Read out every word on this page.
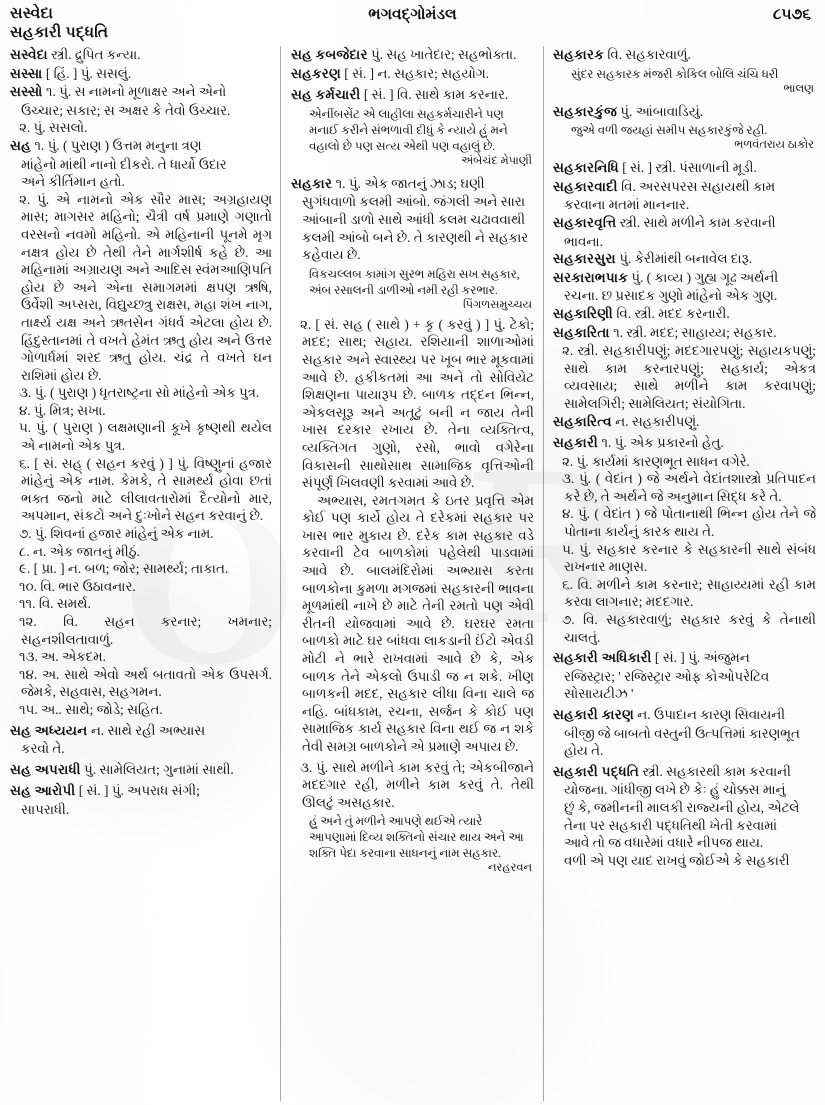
સસ્વેદા
સહકારી પદ્ધતિ
ભગવદ્ગોમંડલ	૮૫૭૬
સસ્વેદા સ્ત્રી. દ્રુપિત કન્યા.
સસ્સા [ હિં. ] પું. સસલું.
સસ્સો ૧. પું. સ નામનો મૂળાક્ષર અને એનો
ઉચ્ચાર; સકાર; સ અક્ષર કે તેવો ઉચ્ચાર.
૨. પું. સસલો.
સહ ૧. પું. ( પુરાણ ) ઉત્તમ મનુના ત્રણ
માંહેનો માંથી નાનો દીકરો. તે ધાર્યો ઉદાર
અને કીર્તિમાન હતો.
૨. પું. એ નામનો એક સૌર માસ; અગ્રહાયણ માસ; માગસર મહિનો; ચૈત્રી વર્ષ પ્રમાણે ગણાતો વરસનો નવમો મહિનો. એ મહિનાની પૂનમે મૃગ નક્ષત્ર હોય છે તેથી તેને માર્ગશીર્ષ કહે છે. આ મહિનામાં અગ્રાયણ અને આદિસ સ્વંમઆ‌ણિપતિ હોય છે અને એના સમાગમમાં ક્ષપણ ઋષિ, ઉર્વેશી અપ્સરા, વિદ્યુચ્છત્રુ રાક્ષસ, મહા શંખ નાગ, તાર્ક્ષ્ય યક્ષ અને ઋતસેન ગંધર્વ એટલા હોય છે. હિંદુસ્તાનમાં તે વખતે હેમંત ઋતુ હોય અને ઉત્તર ગોળાર્ધમાં શરદ ઋતુ હોય. ચંદ્ર તે વખતે ઘન રાશિમાં હોય છે.
૩. પું. ( પુરાણ ) ધૃતરાષ્ટ્રના સો માંહેનો એક પુત્ર.
૪. પું. મિત્ર; સખા.
૫. પું. ( પુરાણ ) લક્ષમણાની કૂખે કૃષ્ણથી થયેલ એ નામનો એક પુત્ર.
૬. [ સં. સહ્ ( સહન કરવું ) ] પું. વિષ્ણુનાં હજાર માંહેનું એક નામ. કેમકે, તે સામર્થ્ય હોવા છતાં ભક્ત જનો માટે લીલાવતારોમાં દૈત્યોનો માર, અપમાન, સંકટો અને દુઃખોને સહન કરવાનું છે.
૭. પું. શિવનાં હજાર માંહેનું એક નામ.
૮. ન. એક જાતનું મીઠું.
૯. [ પ્રા. ] ન. બળ; જોર; સામર્થ્ય; તાકાત.
૧૦. વિ. ભાર ઉઠાવનાર.
૧૧. વિ. સમર્થ.
૧૨. વિ. સહન કરનાર; ખમનાર; સહનશીલતાવાળું.
૧૩. અ. એકદમ.
૧૪. અ. સાથે એવો અર્થ બતાવતો એક ઉપસર્ગ. જેમકે, સહવાસ, સહગમન.
૧૫. અ.. સાથે; જોડે; સહિત.
સહ અધ્યયન ન. સાથે રહી અભ્યાસ
કરવો તે.
સહ અપરાધી પું. સામેલિયત; ગુનામાં સાથી.
સહ આરોપી [ સં. ] પું. અપરાધ સંગી;
સાપરાધી.
સહ કબજેદાર પું. સહ ખાતેદાર; સહભોક્તા.
સહકરણ [ સં. ] ન. સહકાર; સહયોગ.
સહ કર્મચારી [ સં. ] વિ. સાથે કામ કરનાર.
એનીંબસેંટ એ લાહીલા સહકર્મચારીને પણ
મનાઈ કરીને સંભળાવી દીધું કે ન્યાયે હું મને
વહાલો છે પણ સત્ય એથી પણ વહાલું છે.
અંબેચંદ મેપાણી
સહકાર ૧. પું. એક જાતનું ઝાડ; ઘણી
સુગંધવાળો કલમી આંબો. જંગલી અને સારા
આંબાની ડાળો સાથે આંધી કલમ ચઢાવવાથી
કલમી આંબો બને છે. તે કારણથી ને સહકાર
કહેવાય છે.
વિકચલ્લબ કામાંગ સુરભ મહિરા સખ સહકાર,
અંબ રસાલની ડાળીઓ નમી રહી કરભાર.
પિંગળસમુચ્ચય
૨. [ સં. સહ ( સાથે ) + કૃ ( કરવું ) ] પું. ટેકો; મદદ; સાથ; સહાય. રશિયાની શાળાઓમાં સહકાર અને સ્વાસ્થ્ય પર ખૂબ ભાર મૂકવામાં આવે છે. હકીકતમાં આ અને તો સોવિયેટ શિક્ષણના પાયારૂપ છે. બાળક તદ્દન ભિન્ન, એકલસૂરૂ અને અતૂટું બની ન જાય તેની ખાસ દરકાર રખાય છે. તેના વ્યક્તિત્વ, વ્યક્તિગત ગુણો, રસો, ભાવો વગેરેના વિકાસની સાથોસાથ સામાજિક વૃત્તિઓની સંપૂર્ણ ખિલવણી કરવામાં આવે છે.
અભ્યાસ, રમતગમત કે ઇતર પ્રવૃત્તિ એમ કોઈ પણ કાર્યે હોય તે દરેકમાં સહકાર પર ખાસ ભાર મુકાય છે. દરેક કામ સહકાર વડે કરવાની ટેવ બાળકોમાં પહેલેથી પાડવામાં આવે છે. બાલમંદિરોમાં અભ્યાસ કરતા બાળકોના કુમળા મગજમાં સહકારની ભાવના મૂળમાંથી નાખે છે માટે તેની રમતો પણ એવી રીતની યોજવામાં આવે છે. ઘરઘર રમતા બાળકો માટે ઘર બાંધવા લાકડાની ઈંટો એવડી મોટી ને ભારે રાખવામાં આવે છે કે, એક બાળક તેને એકલો ઉપાડી જ ન શકે. ખીણ બાળકની મદદ, સહકાર લીધા વિના ચાલે જ નહિ. બાંધકામ, રચના, સર્જન કે કોઈ પણ સામાજિક કાર્ય સહકાર વિના થઈ જ ન શકે તેવી સમગ્ર બાળકોને એ પ્રમાણે અપાય છે.
૩. પું. સાથે મળીને કામ કરવું તે; એકબીજાને મદદગાર રહી, મળીને કામ કરવું તે. તેથી ઊલટું અસહકાર.
હું અને તું મળીને આપણે થઈએ ત્યારે
આપણામાં દિવ્ય શક્તિનો સંચાર થાય અને આ
શક્તિ પેદા કરવાના સાધનનું નામ સહકાર.
નરહરવન
સહકારક વિ. સહકારવાળું.
સુંદર સહકારક મંજરી કોકિલ બોલિ ચંચિ ધરી
ભાલણ
સહકારકુંજ પું. આંબાવાડિયું.
જુએ વળી જયહાં સમીપ સહકારકુંજે રહી.
ભળવંતરાય ઠાકોર
સહકારનિધિ [ સં. ] સ્ત્રી. પંસાળાની મૂડી.
સહકારવાદી વિ. અરસપરસ સહાયથી કામ
કરવાના મતમાં માનનાર.
સહકારવૃત્તિ સ્ત્રી. સાથે મળીને કામ કરવાની
ભાવના.
સહકારસુરા પું. કેરીમાંથી બનાવેલ દારૂ.
સરકારાભપાક પું. ( કાવ્ય ) ગુહ્ય ગૂઢ અર્થની
રચના. છ પ્રસાદક ગુણો માંહેનો એક ગુણ.
સહકારિણી વિ. સ્ત્રી. મદદ કરનારી.
સહકારિતા ૧. સ્ત્રી. મદદ; સાહાય્ય; સહકાર.
૨. સ્ત્રી. સહકારીપણું; મદદગારપણું; સહાયકપણું; સાથે કામ કરનારપણું; સહકાર્ય; એકત્ર વ્યવસાય; સાથે મળીને કામ કરવાપણું; સામેલગિરી; સામેલિયત; સંયોગિતા.
સહકારિત્વ ન. સહકારીપણું.
સહકારી ૧. પું. એક પ્રકારનો હેતુ.
૨. પું. કાર્યમાં કારણભૂત સાધન વગેરે.
૩. પું. ( વેદાંત ) જે અર્થને વેદાંતશાસ્ત્રો પ્રતિપાદન કરે છે, તે અર્થને જે અનુમાન સિદ્ધ કરે તે.
૪. પું. ( વેદાંત ) જે પોતાનાથી ભિન્ન હોય તેને જે પોતાના કાર્યનું કારક થાય તે.
૫. પું. સહકાર કરનાર કે સહકારની સાથે સંબંધ રાખનાર માણસ.
૬. વિ. મળીને કામ કરનાર; સાહાય્યમાં રહી કામ કરવા લાગનાર; મદદગાર.
૭. વિ. સહકારવાળું; સહકાર કરવું કે તેનાથી ચાલતું.
સહકારી અધિકારી [ સં. ] પું. અંજુમન
રજિસ્ટ્રાર; ' રજિસ્ટ્રાર ઓફ કોઓપરેટિવ
સોસાયટીઝ '
સહકારી કારણ ન. ઉપાદાન કારણ સિવાયની
બીજી જે બાબતો વસ્તુની ઉત્પત્તિમાં કારણભૂત
હોય તે.
સહકારી પદ્ધતિ સ્ત્રી. સહકારથી કામ કરવાની
યોજના. ગાંધીજી લખે છે કેઃ હું ચોક્કસ માનું
છું કે, જમીનની માલકી રાજ્યની હોય, એટલે
તેના પર સહકારી પદ્ધતિથી ખેતી કરવામાં
આવે તો જ વધારેમાં વધારે નીપજ થાય.
વળી એ પણ યાદ રાખવું જોઈએ કે સહકારી
